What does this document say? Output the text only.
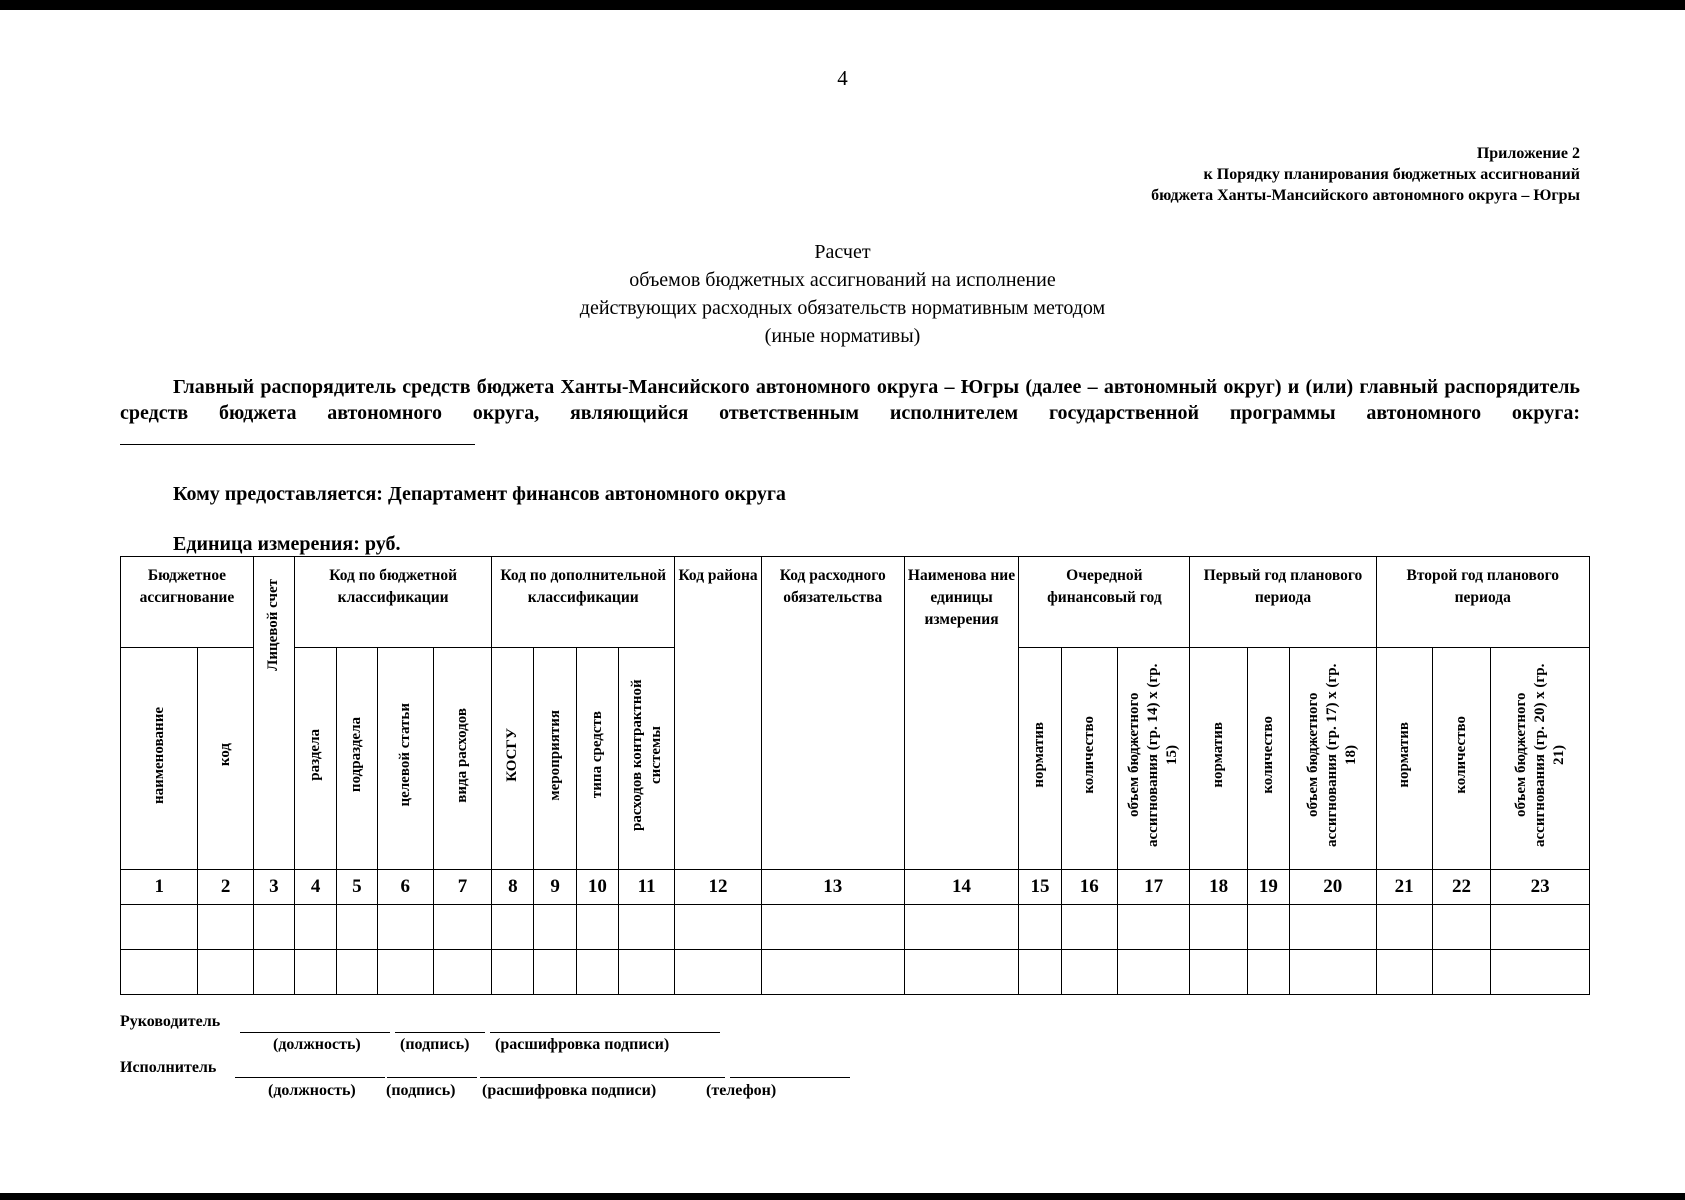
4
Приложение 2
к Порядку планирования бюджетных ассигнований
бюджета Ханты-Мансийского автономного округа – Югры
Расчет
объемов бюджетных ассигнований на исполнение
действующих расходных обязательств нормативным методом
(иные нормативы)
Главный распорядитель средств бюджета Ханты-Мансийского автономного округа – Югры (далее – автономный округ) и (или) главный распорядитель средств бюджета автономного округа, являющийся ответственным исполнителем государственной программы автономного округа:
Кому предоставляется: Департамент финансов автономного округа
Единица измерения: руб.
Бюджетное ассигнование		Лицевой счет	Код по бюджетной классификации				Код по дополнительной классификации				Код района	Код расходного обязательства	Наименова ние единицы измерения	Очередной финансовый год			Первый год планового периода			Второй год планового периода		
наименование	код		раздела	подраздела	целевой статьи	вида расходов	КОСГУ	мероприятия	типа средств	расходов контрактной системы				норматив	количество	объем бюджетного ассигнования (гр. 14) х (гр. 15)	норматив	количество	объем бюджетного ассигнования (гр. 17) х (гр. 18)	норматив	количество	объем бюджетного ассигнования (гр. 20) х (гр. 21)
1	2	3	4	5	6	7	8	9	10	11	12	13	14	15	16	17	18	19	20	21	22	23

Руководитель
(должность) (подпись) (расшифровка подписи)
Исполнитель
(должность) (подпись) (расшифровка подписи)	(телефон)
